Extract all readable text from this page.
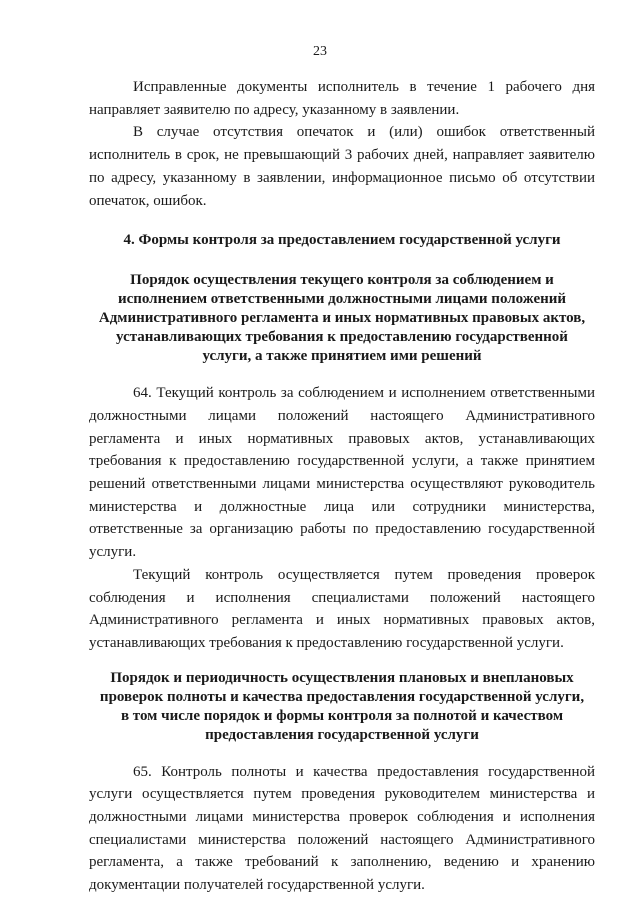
23

Исправленные документы исполнитель в течение 1 рабочего дня направляет заявителю по адресу, указанному в заявлении.

В случае отсутствия опечаток и (или) ошибок ответственный исполнитель в срок, не превышающий 3 рабочих дней, направляет заявителю по адресу, указанному в заявлении, информационное письмо об отсутствии опечаток, ошибок.

4. Формы контроля за предоставлением государственной услуги
Порядок осуществления текущего контроля за соблюдением и исполнением ответственными должностными лицами положений Административного регламента и иных нормативных правовых актов, устанавливающих требования к предоставлению государственной услуги, а также принятием ими решений

64. Текущий контроль за соблюдением и исполнением ответственными должностными лицами положений настоящего Административного регламента и иных нормативных правовых актов, устанавливающих требования к предоставлению государственной услуги, а также принятием решений ответственными лицами министерства осуществляют руководитель министерства и должностные лица или сотрудники министерства, ответственные за организацию работы по предоставлению государственной услуги.

Текущий контроль осуществляется путем проведения проверок соблюдения и исполнения специалистами положений настоящего Административного регламента и иных нормативных правовых актов, устанавливающих требования к предоставлению государственной услуги.

Порядок и периодичность осуществления плановых и внеплановых проверок полноты и качества предоставления государственной услуги, в том числе порядок и формы контроля за полнотой и качеством предоставления государственной услуги

65. Контроль полноты и качества предоставления государственной услуги осуществляется путем проведения руководителем министерства и должностными лицами министерства проверок соблюдения и исполнения специалистами министерства положений настоящего Административного регламента, а также требований к заполнению, ведению и хранению документации получателей государственной услуги.
